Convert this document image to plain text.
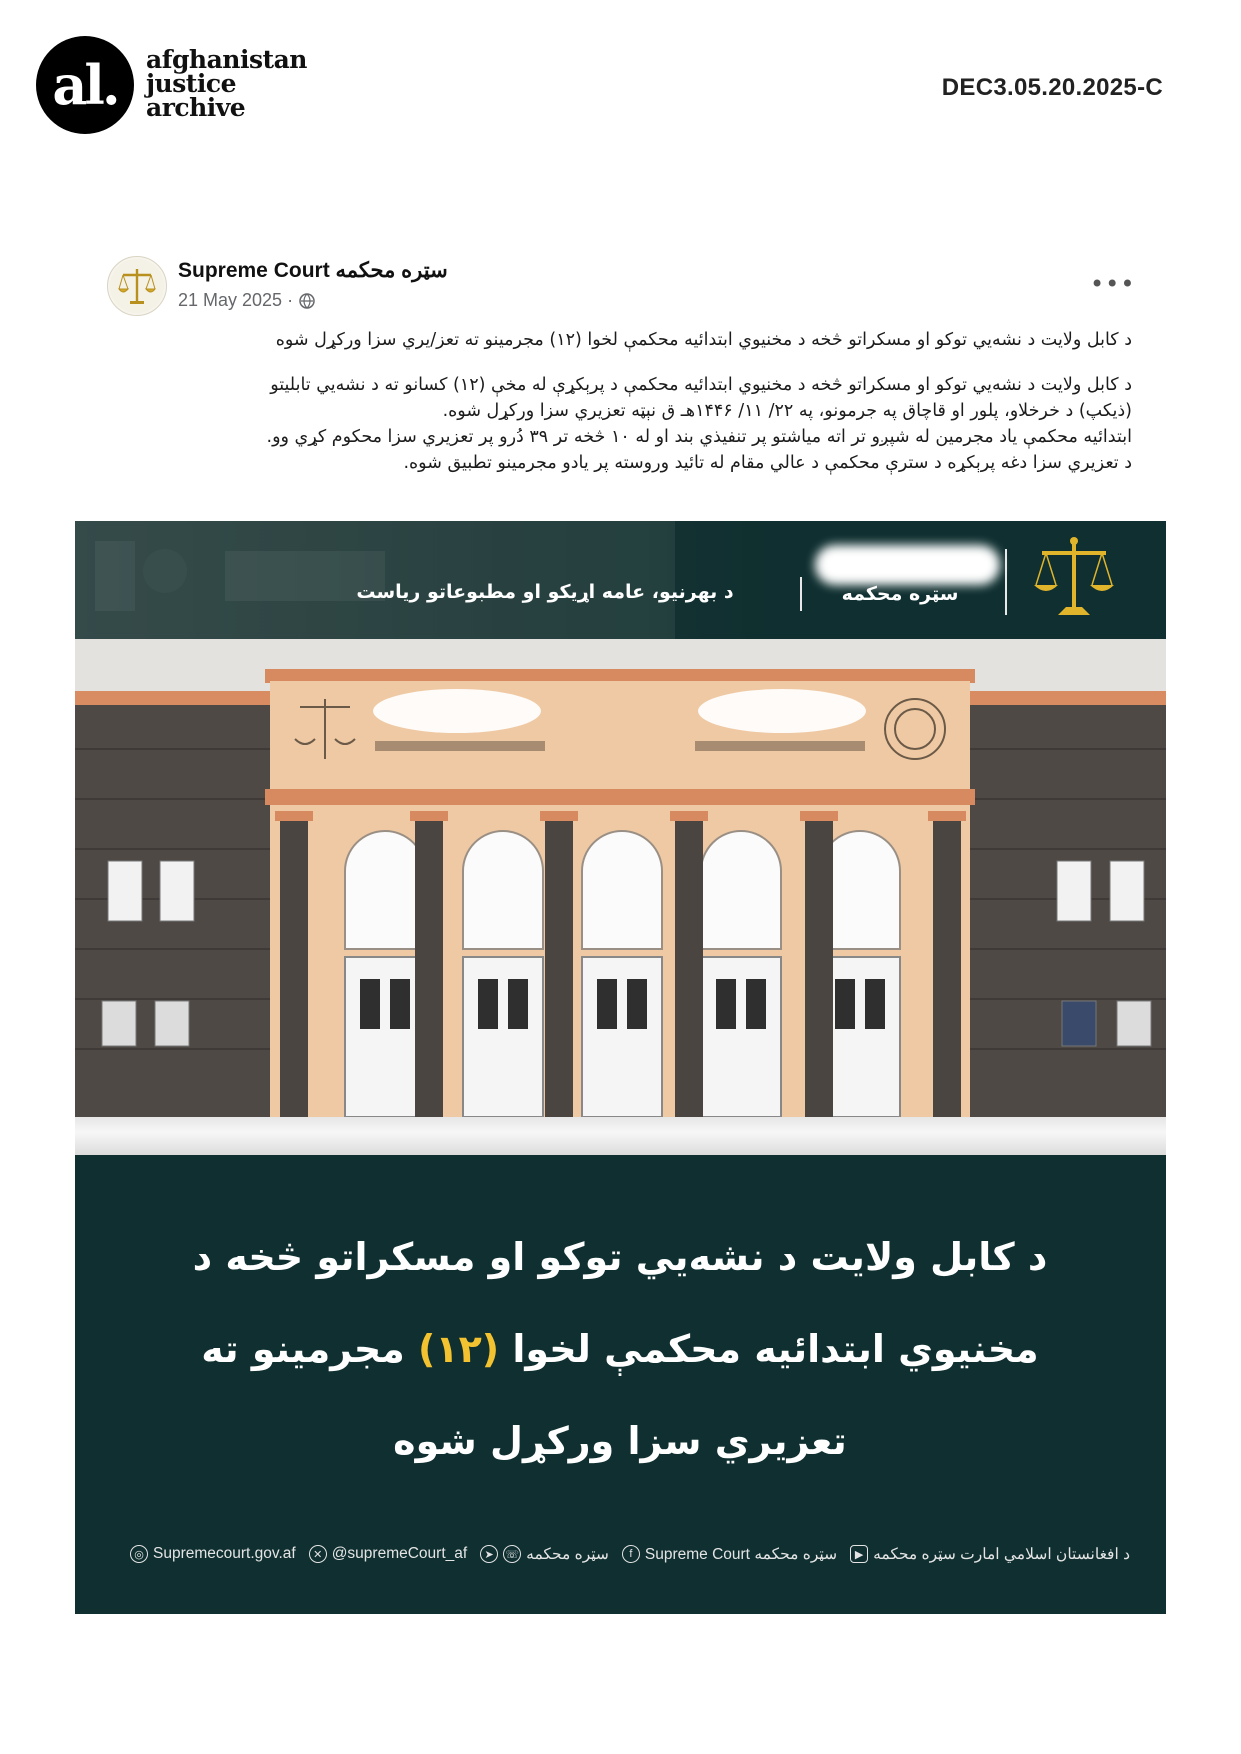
al.	afghanistan
justice
archive
DEC3.05.20.2025-C
Supreme Court سټره محکمه
21 May 2025 ·
•••
د کابل ولایت د نشه‌يي توکو او مسکراتو څخه د مخنيوي ابتدائيه محکمې لخوا (۱۲) مجرمينو ته تعز/یري سزا ورکړل شوه
د کابل ولایت د نشه‌يي توکو او مسکراتو څخه د مخنيوي ابتدائيه محکمې د پرېکړې له مخې (۱۲) کسانو ته د نشه‌يي تابليتو
(ذيکپ) د خرخلاو، پلور او قاچاق په جرمونو، په ۲۲/ ۱۱/ ۱۴۴۶هـ ق نېټه تعزيري سزا ورکړل شوه.
ابتدائيه محکمې ياد مجرمين له شپږو تر اته مياشتو پر تنفيذي بند او له ۱۰ څخه تر ۳۹ دُرو پر تعزيري سزا محکوم کړي وو.
د تعزيري سزا دغه پرېکړه د سترې محکمې د عالي مقام له تائيد وروسته پر يادو مجرمينو تطبيق شوه.
سټره محکمه
د بهرنيو، عامه اړيکو او مطبوعاتو رياست
د کابل ولایت د نشه‌يي توکو او مسکراتو څخه د
مخنيوي ابتدائيه محکمې لخوا (۱۲) مجرمينو ته
تعزيري سزا ورکړل شوه
◎ Supremecourt.gov.af	✕ @supremeCourt_af	➤	☏ سټره محکمه	f Supreme Court سټره محکمه	▶ د افغانستان اسلامي امارت سټره محکمه
